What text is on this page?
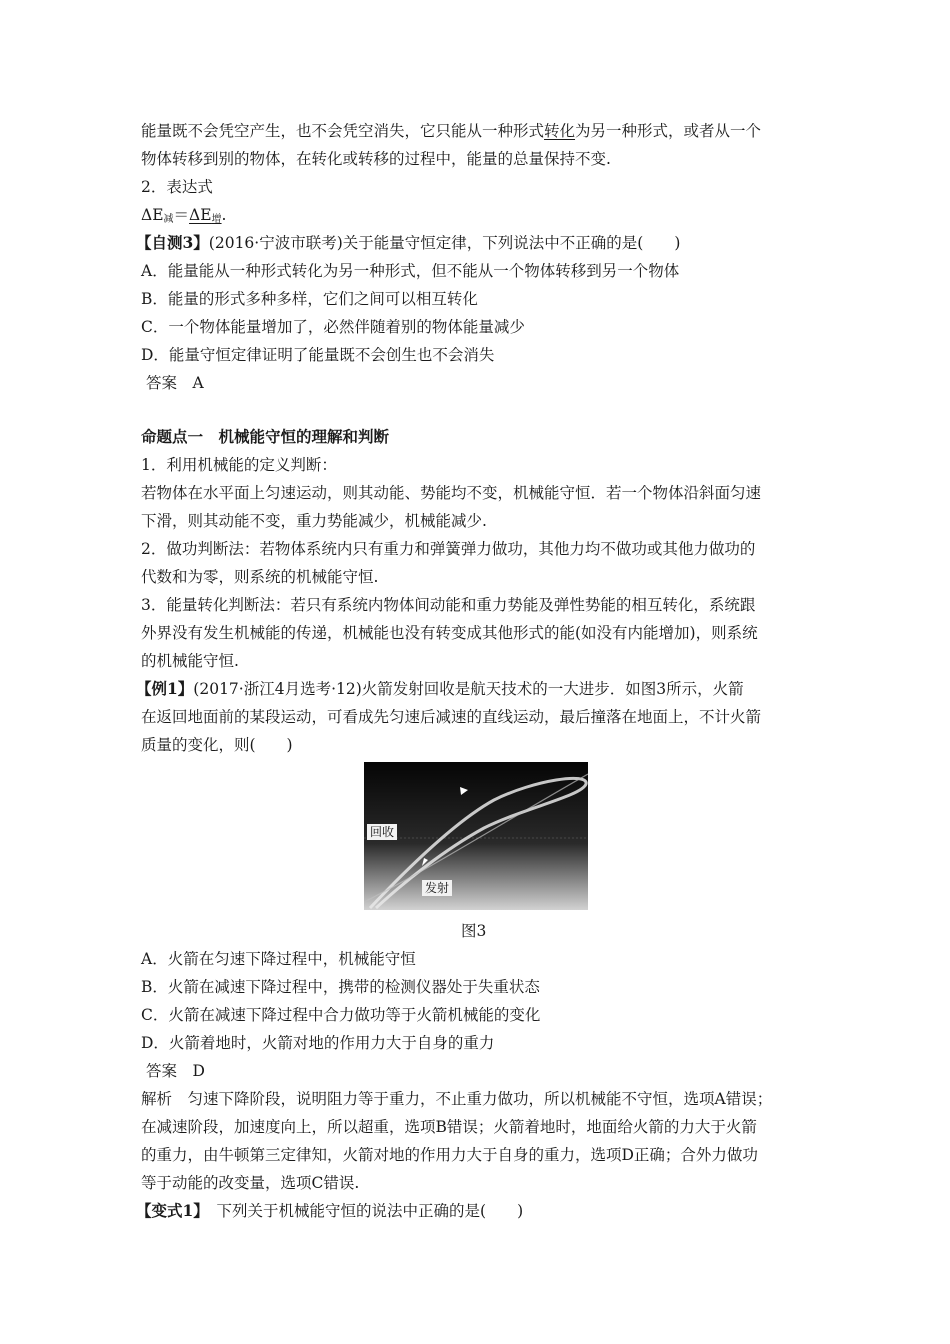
能量既不会凭空产生，也不会凭空消失，它只能从一种形式转化为另一种形式，或者从一个
物体转移到别的物体，在转化或转移的过程中，能量的总量保持不变.
2．表达式
$\Delta E_减=\Delta E_增$.
【自测3】(2016·宁波市联考)关于能量守恒定律，下列说法中不正确的是(　　)
A．能量能从一种形式转化为另一种形式，但不能从一个物体转移到另一个物体
B．能量的形式多种多样，它们之间可以相互转化
C．一个物体能量增加了，必然伴随着别的物体能量减少
D．能量守恒定律证明了能量既不会创生也不会消失
答案　A
命题点一　机械能守恒的理解和判断
1．利用机械能的定义判断：
若物体在水平面上匀速运动，则其动能、势能均不变，机械能守恒．若一个物体沿斜面匀速
下滑，则其动能不变，重力势能减少，机械能减少.
2．做功判断法：若物体系统内只有重力和弹簧弹力做功，其他力均不做功或其他力做功的
代数和为零，则系统的机械能守恒.
3．能量转化判断法：若只有系统内物体间动能和重力势能及弹性势能的相互转化，系统跟
外界没有发生机械能的传递，机械能也没有转变成其他形式的能(如没有内能增加)，则系统
的机械能守恒.
【例1】(2017·浙江4月选考·12)火箭发射回收是航天技术的一大进步．如图3所示，火箭
在返回地面前的某段运动，可看成先匀速后减速的直线运动，最后撞落在地面上，不计火箭
质量的变化，则(　　)
回收
发射
图3
A．火箭在匀速下降过程中，机械能守恒
B．火箭在减速下降过程中，携带的检测仪器处于失重状态
C．火箭在减速下降过程中合力做功等于火箭机械能的变化
D．火箭着地时，火箭对地的作用力大于自身的重力
答案　D
解析　匀速下降阶段，说明阻力等于重力，不止重力做功，所以机械能不守恒，选项A错误；
在减速阶段，加速度向上，所以超重，选项B错误；火箭着地时，地面给火箭的力大于火箭
的重力，由牛顿第三定律知，火箭对地的作用力大于自身的重力，选项D正确；合外力做功
等于动能的改变量，选项C错误.
【变式1】　下列关于机械能守恒的说法中正确的是(　　)
